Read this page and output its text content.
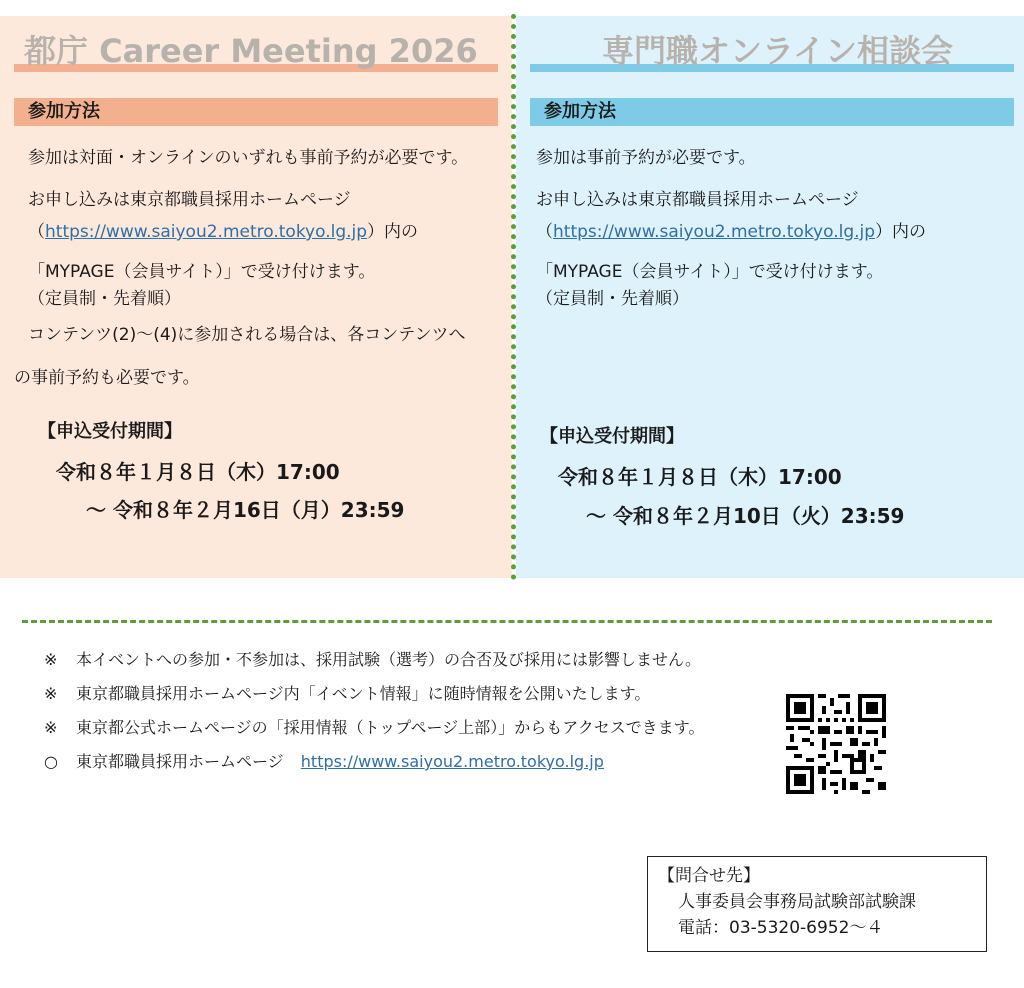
都庁 Career Meeting 2026
参加方法
参加は対面・オンラインのいずれも事前予約が必要です。
お申し込みは東京都職員採用ホームページ
（https://www.saiyou2.metro.tokyo.lg.jp）内の
「MYPAGE（会員サイト）」で受け付けます。
（定員制・先着順）
コンテンツ(2)～(4)に参加される場合は、各コンテンツへ
の事前予約も必要です。
【申込受付期間】
令和８年１月８日（木）17:00
～ 令和８年２月16日（月）23:59
専門職オンライン相談会
参加方法
参加は事前予約が必要です。
お申し込みは東京都職員採用ホームページ
（https://www.saiyou2.metro.tokyo.lg.jp）内の
「MYPAGE（会員サイト）」で受け付けます。
（定員制・先着順）
【申込受付期間】
令和８年１月８日（木）17:00
～ 令和８年２月10日（火）23:59
※ 本イベントへの参加・不参加は、採用試験（選考）の合否及び採用には影響しません。
※ 東京都職員採用ホームページ内「イベント情報」に随時情報を公開いたします。
※ 東京都公式ホームページの「採用情報（トップページ上部）」からもアクセスできます。
○ 東京都職員採用ホームページ https://www.saiyou2.metro.tokyo.lg.jp
【問合せ先】
人事委員会事務局試験部試験課
電話：03-5320-6952～４
